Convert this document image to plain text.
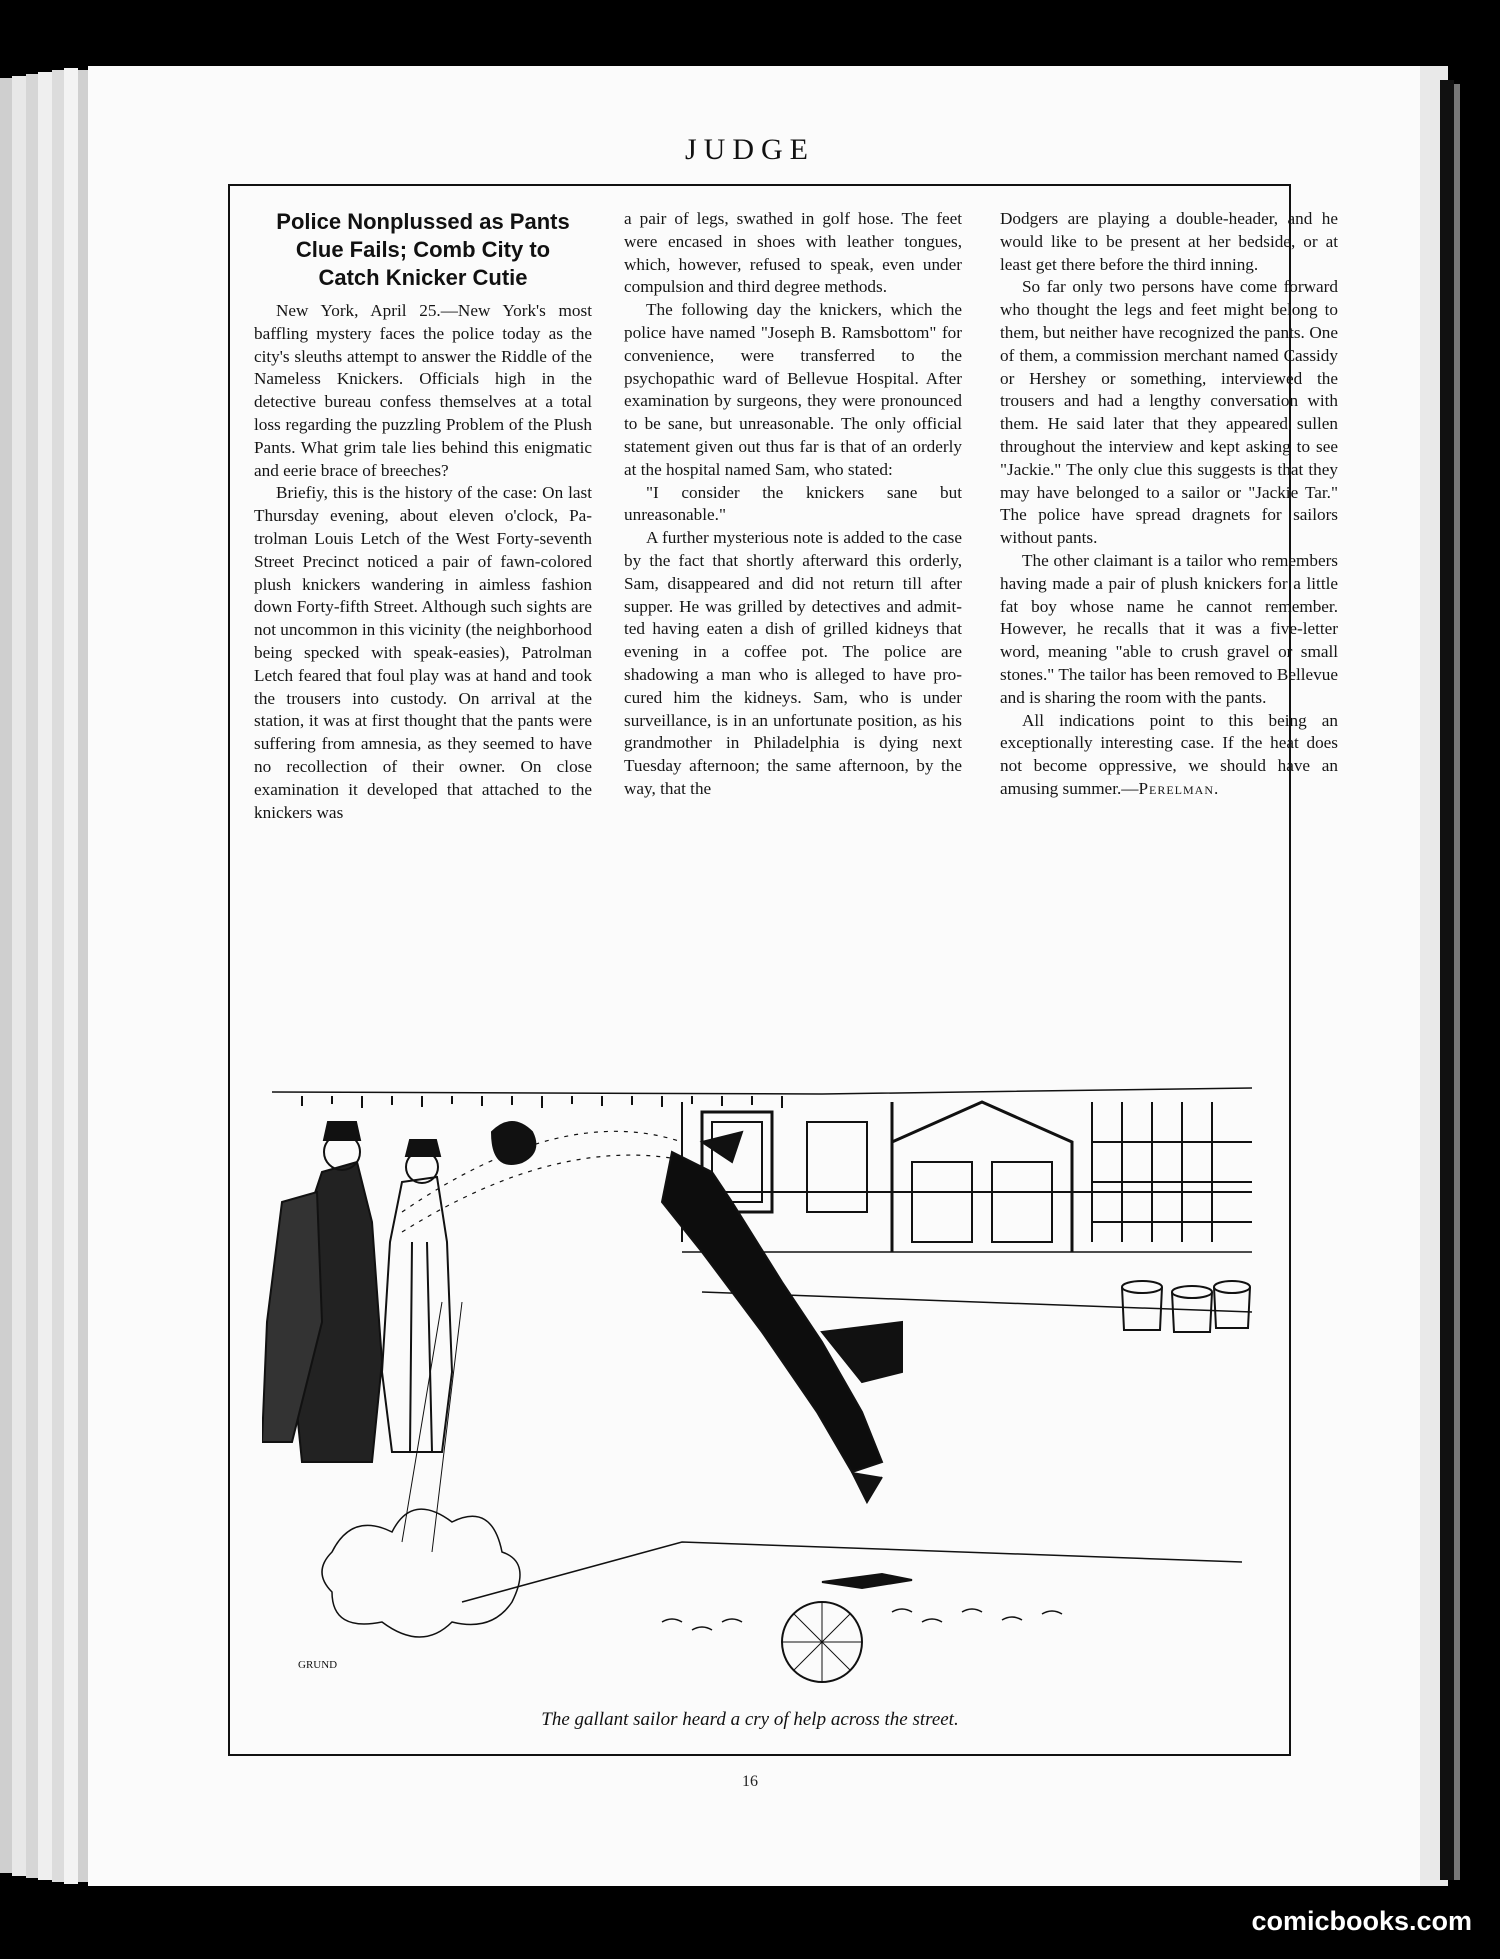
JUDGE
Police Nonplussed as Pants
Clue Fails; Comb City to
Catch Knicker Cutie

New York, April 25.—New York's most baffling mystery faces the police today as the city's sleuths attempt to answer the Riddle of the Nameless Knickers. Officials high in the detective bureau confess themselves at a total loss regarding the puzzling Problem of the Plush Pants. What grim tale lies behind this enigmatic and eerie brace of breeches?

Briefiy, this is the history of the case: On last Thursday evening, about eleven o'clock, Patrolman Louis Letch of the West Forty-seventh Street Precinct noticed a pair of fawn-colored plush knickers wandering in aimless fashion down Forty-fifth Street. Although such sights are not uncommon in this vicinity (the neighborhood being specked with speak-easies), Patrolman Letch feared that foul play was at hand and took the trousers into custody. On arrival at the station, it was at first thought that the pants were suffering from amnesia, as they seemed to have no recollection of their owner. On close examination it developed that attached to the knickers was

a pair of legs, swathed in golf hose. The feet were encased in shoes with leather tongues, which, however, refused to speak, even under compulsion and third degree methods.

The following day the knickers, which the police have named "Joseph B. Ramsbottom" for convenience, were transferred to the psychopathic ward of Bellevue Hospital. After examination by surgeons, they were pronounced to be sane, but unreasonable. The only official statement given out thus far is that of an orderly at the hospital named Sam, who stated:

"I consider the knickers sane but unreasonable."

A further mysterious note is added to the case by the fact that shortly afterward this orderly, Sam, disappeared and did not return till after supper. He was grilled by detectives and admitted having eaten a dish of grilled kidneys that evening in a coffee pot. The police are shadowing a man who is alleged to have procured him the kidneys. Sam, who is under surveillance, is in an unfortunate position, as his grandmother in Philadelphia is dying next Tuesday afternoon; the same afternoon, by the way, that the

Dodgers are playing a double-header, and he would like to be present at her bedside, or at least get there before the third inning.

So far only two persons have come forward who thought the legs and feet might belong to them, but neither have recognized the pants. One of them, a commission merchant named Cassidy or Hershey or something, interviewed the trousers and had a lengthy conversation with them. He said later that they appeared sullen throughout the interview and kept asking to see "Jackie." The only clue this suggests is that they may have belonged to a sailor or "Jackie Tar." The police have spread dragnets for sailors without pants.

The other claimant is a tailor who remembers having made a pair of plush knickers for a little fat boy whose name he cannot remember. However, he recalls that it was a five-letter word, meaning "able to crush gravel or small stones." The tailor has been removed to Bellevue and is sharing the room with the pants.

All indications point to this being an exceptionally interesting case. If the heat does not become oppressive, we should have an amusing summer.—Perelman.

GRUND
The gallant sailor heard a cry of help across the street.
16
comicbooks.com
